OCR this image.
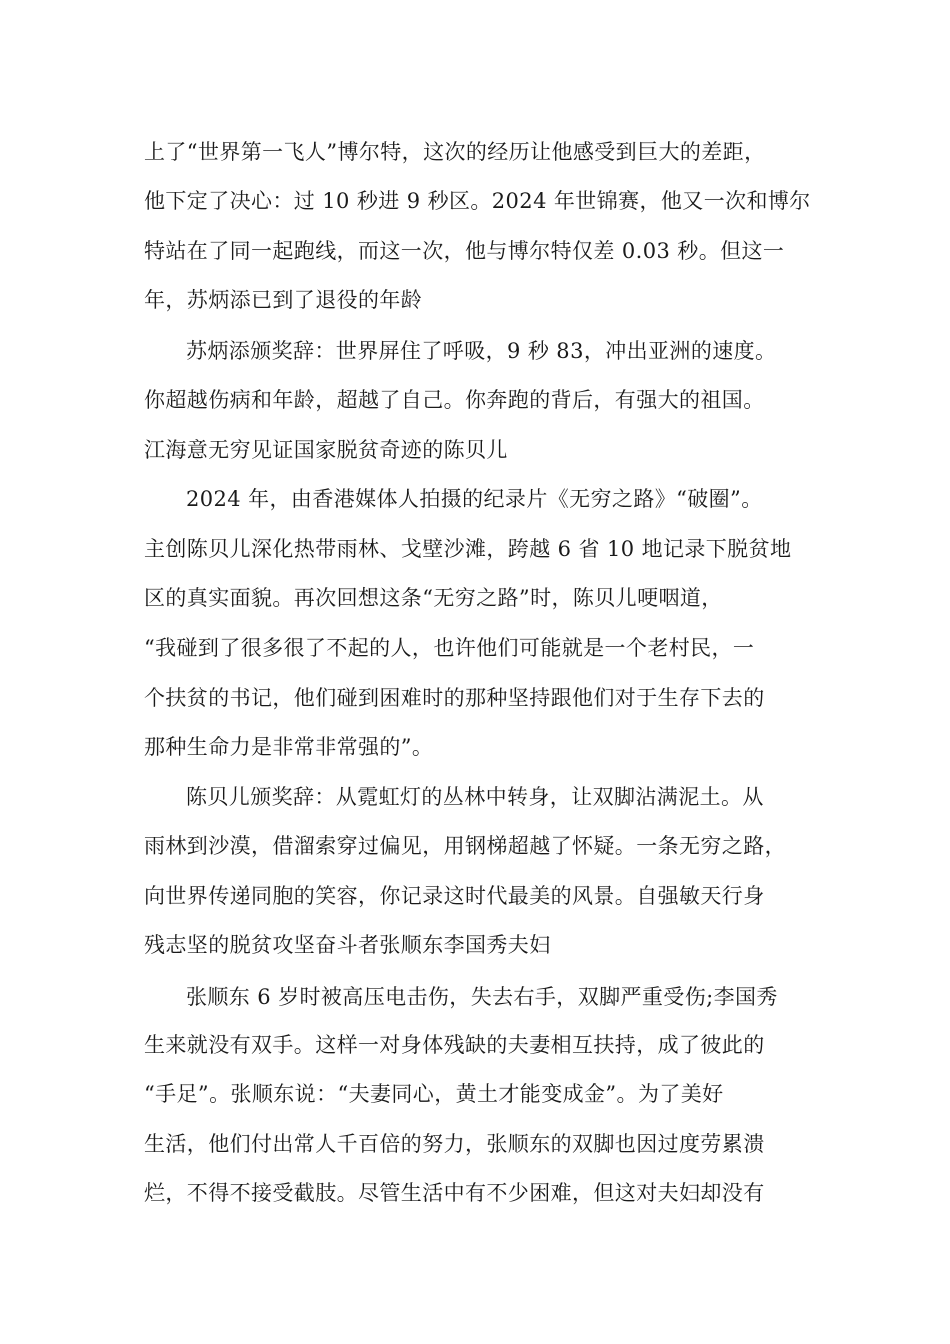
上了“世界第一飞人”博尔特，这次的经历让他感受到巨大的差距，

他下定了决心：过 10 秒进 9 秒区。2024 年世锦赛，他又一次和博尔

特站在了同一起跑线，而这一次，他与博尔特仅差 0.03 秒。但这一

年，苏炳添已到了退役的年龄

苏炳添颁奖辞：世界屏住了呼吸，9 秒 83，冲出亚洲的速度。

你超越伤病和年龄，超越了自己。你奔跑的背后，有强大的祖国。

江海意无穷见证国家脱贫奇迹的陈贝儿

2024 年，由香港媒体人拍摄的纪录片《无穷之路》“破圈”。

主创陈贝儿深化热带雨林、戈壁沙滩，跨越 6 省 10 地记录下脱贫地

区的真实面貌。再次回想这条“无穷之路”时，陈贝儿哽咽道，

“我碰到了很多很了不起的人，也许他们可能就是一个老村民，一

个扶贫的书记，他们碰到困难时的那种坚持跟他们对于生存下去的

那种生命力是非常非常强的”。

陈贝儿颁奖辞：从霓虹灯的丛林中转身，让双脚沾满泥土。从

雨林到沙漠，借溜索穿过偏见，用钢梯超越了怀疑。一条无穷之路，

向世界传递同胞的笑容，你记录这时代最美的风景。自强敏天行身

残志坚的脱贫攻坚奋斗者张顺东李国秀夫妇

张顺东 6 岁时被高压电击伤，失去右手，双脚严重受伤;李国秀

生来就没有双手。这样一对身体残缺的夫妻相互扶持，成了彼此的

“手足”。张顺东说：“夫妻同心，黄土才能变成金”。为了美好

生活，他们付出常人千百倍的努力，张顺东的双脚也因过度劳累溃

烂，不得不接受截肢。尽管生活中有不少困难，但这对夫妇却没有
